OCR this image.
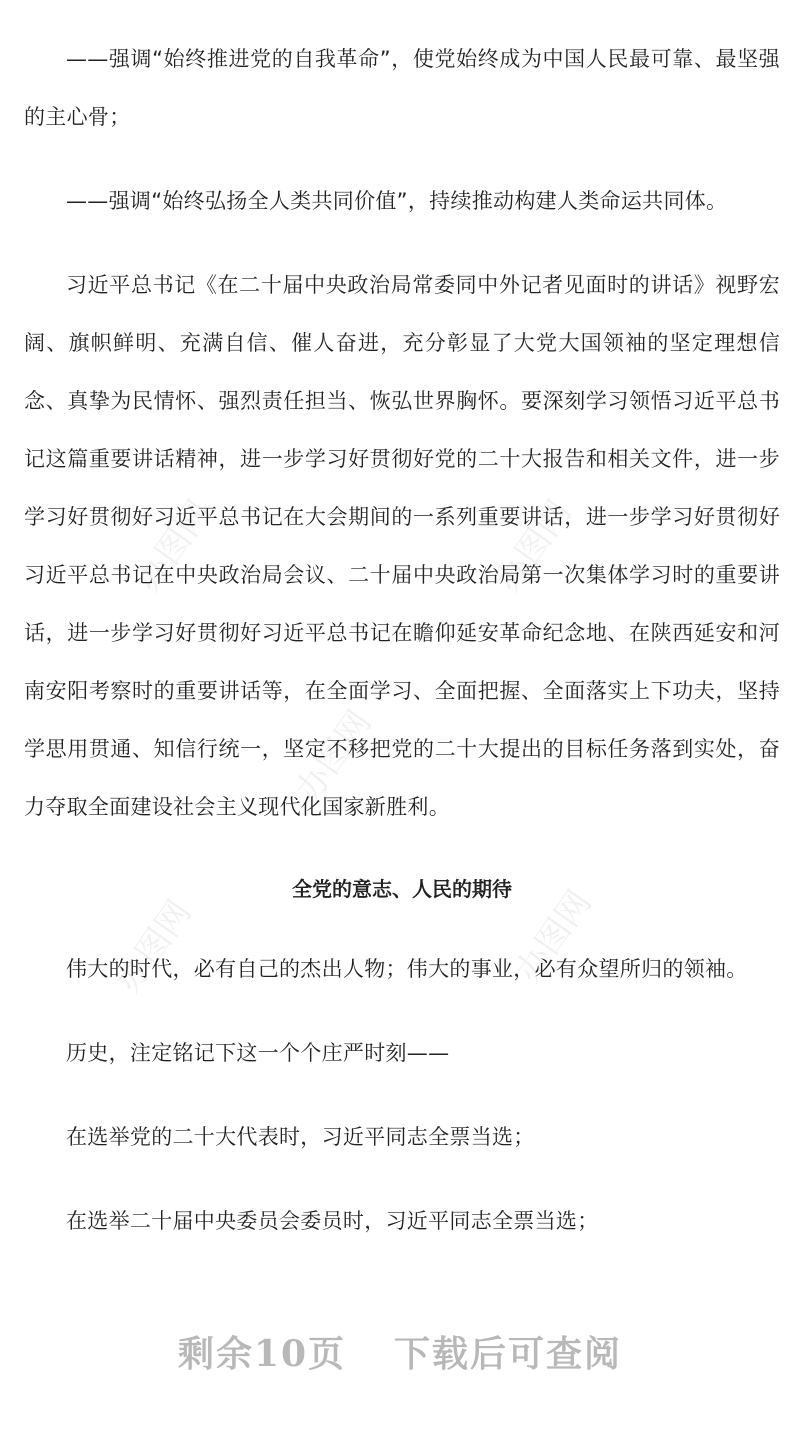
办图网	办图网
办图网
办图网	办图网

——强调“始终推进党的自我革命”，使党始终成为中国人民最可靠、最坚强的主心骨；

——强调“始终弘扬全人类共同价值”，持续推动构建人类命运共同体。

习近平总书记《在二十届中央政治局常委同中外记者见面时的讲话》视野宏阔、旗帜鲜明、充满自信、催人奋进，充分彰显了大党大国领袖的坚定理想信念、真挚为民情怀、强烈责任担当、恢弘世界胸怀。要深刻学习领悟习近平总书记这篇重要讲话精神，进一步学习好贯彻好党的二十大报告和相关文件，进一步学习好贯彻好习近平总书记在大会期间的一系列重要讲话，进一步学习好贯彻好习近平总书记在中央政治局会议、二十届中央政治局第一次集体学习时的重要讲话，进一步学习好贯彻好习近平总书记在瞻仰延安革命纪念地、在陕西延安和河南安阳考察时的重要讲话等，在全面学习、全面把握、全面落实上下功夫，坚持学思用贯通、知信行统一，坚定不移把党的二十大提出的目标任务落到实处，奋力夺取全面建设社会主义现代化国家新胜利。

全党的意志、人民的期待

伟大的时代，必有自己的杰出人物；伟大的事业，必有众望所归的领袖。

历史，注定铭记下这一个个庄严时刻——

在选举党的二十大代表时，习近平同志全票当选；

在选举二十届中央委员会委员时，习近平同志全票当选；

剩余10页 下载后可查阅
